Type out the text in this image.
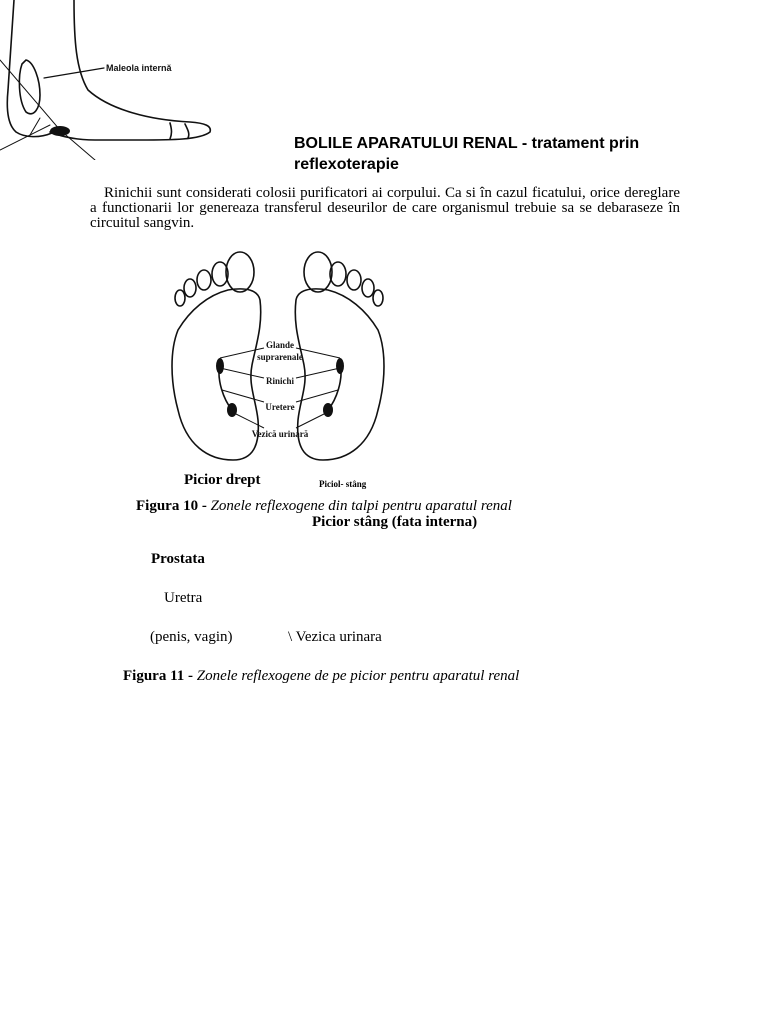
Maleola internă
BOLILE APARATULUI RENAL - tratament prin reflexoterapie
Rinichii sunt considerati colosii purificatori ai corpului. Ca si în cazul ficatului, orice dereglare a functionarii lor genereaza transferul deseurilor de care organismul trebuie sa se debaraseze în circuitul sangvin.
Glande
suprarenale
Rinichi
Uretere
Vezică urinară
Picior drept	Piciol- stâng
Figura 10 - Zonele reflexogene din talpi pentru aparatul renal
Picior stâng (fata interna)
Prostata
Uretra
(penis, vagin)	\ Vezica urinara
Figura 11 - Zonele reflexogene de pe picior pentru aparatul renal
